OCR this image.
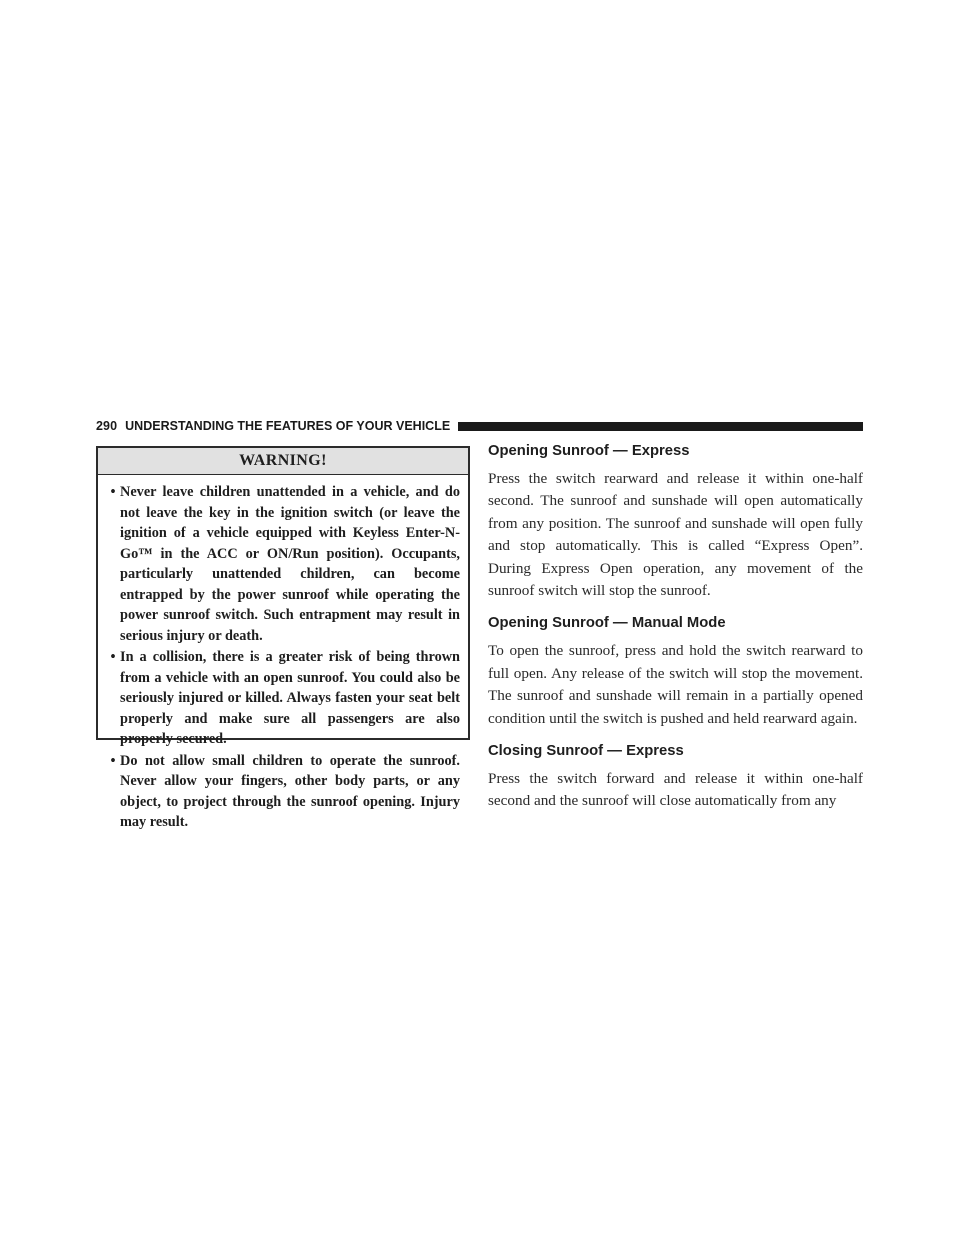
290 UNDERSTANDING THE FEATURES OF YOUR VEHICLE
WARNING!
• Never leave children unattended in a vehicle, and do not leave the key in the ignition switch (or leave the ignition of a vehicle equipped with Keyless Enter-N-Go™ in the ACC or ON/Run position). Occupants, particularly unattended children, can become entrapped by the power sunroof while operating the power sunroof switch. Such entrapment may result in serious injury or death.
• In a collision, there is a greater risk of being thrown from a vehicle with an open sunroof. You could also be seriously injured or killed. Always fasten your seat belt properly and make sure all passengers are also properly secured.
• Do not allow small children to operate the sunroof. Never allow your fingers, other body parts, or any object, to project through the sunroof opening. Injury may result.
Opening Sunroof — Express

Press the switch rearward and release it within one-half second. The sunroof and sunshade will open automatically from any position. The sunroof and sunshade will open fully and stop automatically. This is called “Express Open”. During Express Open operation, any movement of the sunroof switch will stop the sunroof.

Opening Sunroof — Manual Mode

To open the sunroof, press and hold the switch rearward to full open. Any release of the switch will stop the movement. The sunroof and sunshade will remain in a partially opened condition until the switch is pushed and held rearward again.

Closing Sunroof — Express

Press the switch forward and release it within one-half second and the sunroof will close automatically from any
